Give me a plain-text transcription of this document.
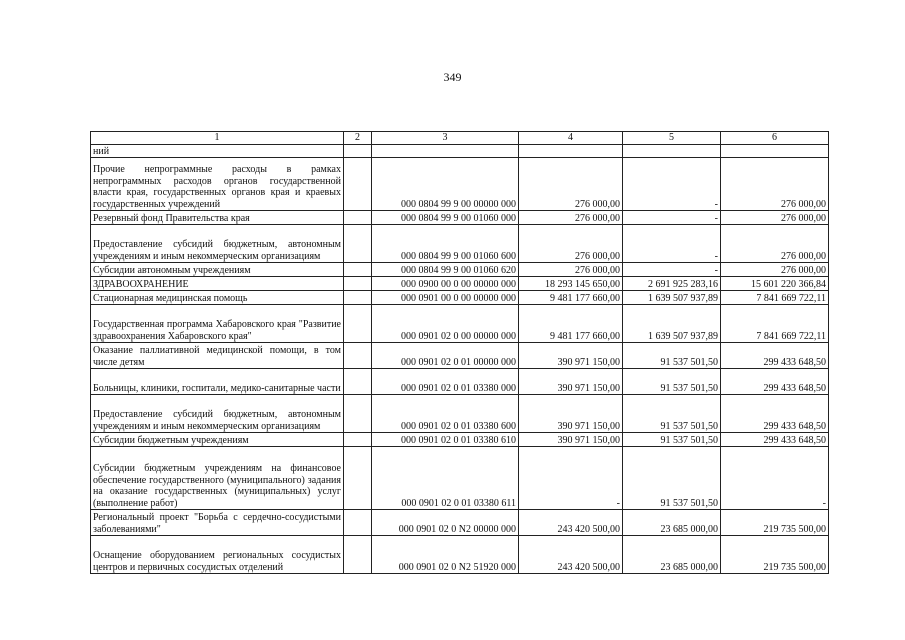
349
1	2	3	4	5	6
ний					
Прочие непрограммные расходы в рамках непрограммных расходов органов государственной власти края, государственных органов края и краевых государственных учреждений		000 0804 99 9 00 00000 000	276 000,00	-	276 000,00
Резервный фонд Правительства края		000 0804 99 9 00 01060 000	276 000,00	-	276 000,00
Предоставление субсидий бюджетным, автономным учреждениям и иным некоммерческим организациям		000 0804 99 9 00 01060 600	276 000,00	-	276 000,00
Субсидии автономным учреждениям		000 0804 99 9 00 01060 620	276 000,00	-	276 000,00
ЗДРАВООХРАНЕНИЕ		000 0900 00 0 00 00000 000	18 293 145 650,00	2 691 925 283,16	15 601 220 366,84
Стационарная медицинская помощь		000 0901 00 0 00 00000 000	9 481 177 660,00	1 639 507 937,89	7 841 669 722,11
Государственная программа Хабаровского края "Развитие здравоохранения Хабаровского края"		000 0901 02 0 00 00000 000	9 481 177 660,00	1 639 507 937,89	7 841 669 722,11
Оказание паллиативной медицинской помощи, в том числе детям		000 0901 02 0 01 00000 000	390 971 150,00	91 537 501,50	299 433 648,50
Больницы, клиники, госпитали, медико-санитарные части		000 0901 02 0 01 03380 000	390 971 150,00	91 537 501,50	299 433 648,50
Предоставление субсидий бюджетным, автономным учреждениям и иным некоммерческим организациям		000 0901 02 0 01 03380 600	390 971 150,00	91 537 501,50	299 433 648,50
Субсидии бюджетным учреждениям		000 0901 02 0 01 03380 610	390 971 150,00	91 537 501,50	299 433 648,50
Субсидии бюджетным учреждениям на финансовое обеспечение государственного (муниципального) задания на оказание государственных (муниципальных) услуг (выполнение работ)		000 0901 02 0 01 03380 611	-	91 537 501,50	-
Региональный проект "Борьба с сердечно-сосудистыми заболеваниями"		000 0901 02 0 N2 00000 000	243 420 500,00	23 685 000,00	219 735 500,00
Оснащение оборудованием региональных сосудистых центров и первичных сосудистых отделений		000 0901 02 0 N2 51920 000	243 420 500,00	23 685 000,00	219 735 500,00
